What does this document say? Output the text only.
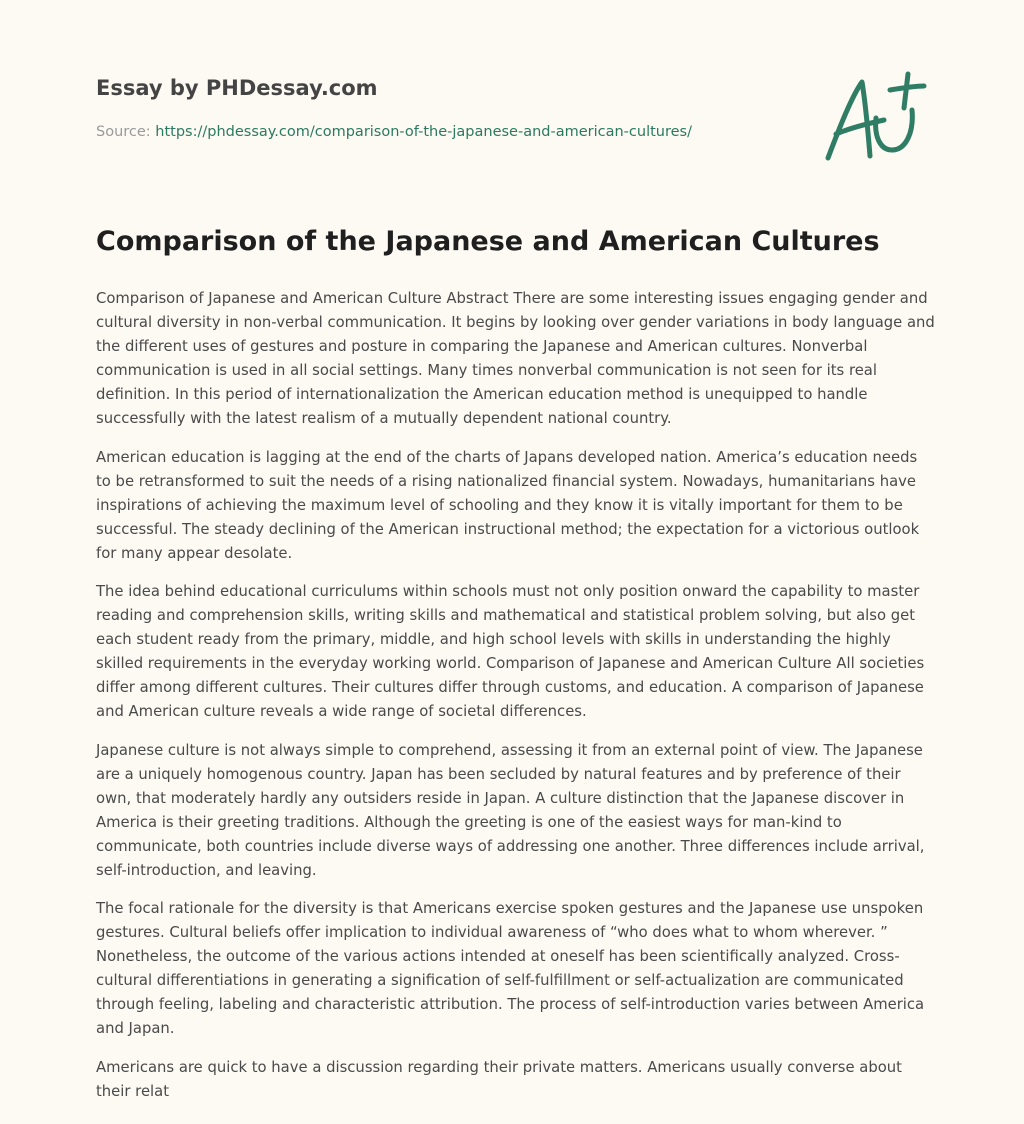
Essay by PHDessay.com
Source: https://phdessay.com/comparison-of-the-japanese-and-american-cultures/
Comparison of the Japanese and American Cultures

Comparison of Japanese and American Culture Abstract There are some interesting issues engaging gender and cultural diversity in non-verbal communication. It begins by looking over gender variations in body language and the different uses of gestures and posture in comparing the Japanese and American cultures. Nonverbal communication is used in all social settings. Many times nonverbal communication is not seen for its real definition. In this period of internationalization the American education method is unequipped to handle successfully with the latest realism of a mutually dependent national country.

American education is lagging at the end of the charts of Japans developed nation. America’s education needs to be retransformed to suit the needs of a rising nationalized financial system. Nowadays, humanitarians have inspirations of achieving the maximum level of schooling and they know it is vitally important for them to be successful. The steady declining of the American instructional method; the expectation for a victorious outlook for many appear desolate.

The idea behind educational curriculums within schools must not only position onward the capability to master reading and comprehension skills, writing skills and mathematical and statistical problem solving, but also get each student ready from the primary, middle, and high school levels with skills in understanding the highly skilled requirements in the everyday working world. Comparison of Japanese and American Culture All societies differ among different cultures. Their cultures differ through customs, and education. A comparison of Japanese and American culture reveals a wide range of societal differences.

Japanese culture is not always simple to comprehend, assessing it from an external point of view. The Japanese are a uniquely homogenous country. Japan has been secluded by natural features and by preference of their own, that moderately hardly any outsiders reside in Japan. A culture distinction that the Japanese discover in America is their greeting traditions. Although the greeting is one of the easiest ways for man-kind to communicate, both countries include diverse ways of addressing one another. Three differences include arrival, self-introduction, and leaving.

The focal rationale for the diversity is that Americans exercise spoken gestures and the Japanese use unspoken gestures. Cultural beliefs offer implication to individual awareness of “who does what to whom wherever. ” Nonetheless, the outcome of the various actions intended at oneself has been scientifically analyzed. Cross-cultural differentiations in generating a signification of self-fulfillment or self-actualization are communicated through feeling, labeling and characteristic attribution. The process of self-introduction varies between America and Japan.

Americans are quick to have a discussion regarding their private matters. Americans usually converse about their relat
